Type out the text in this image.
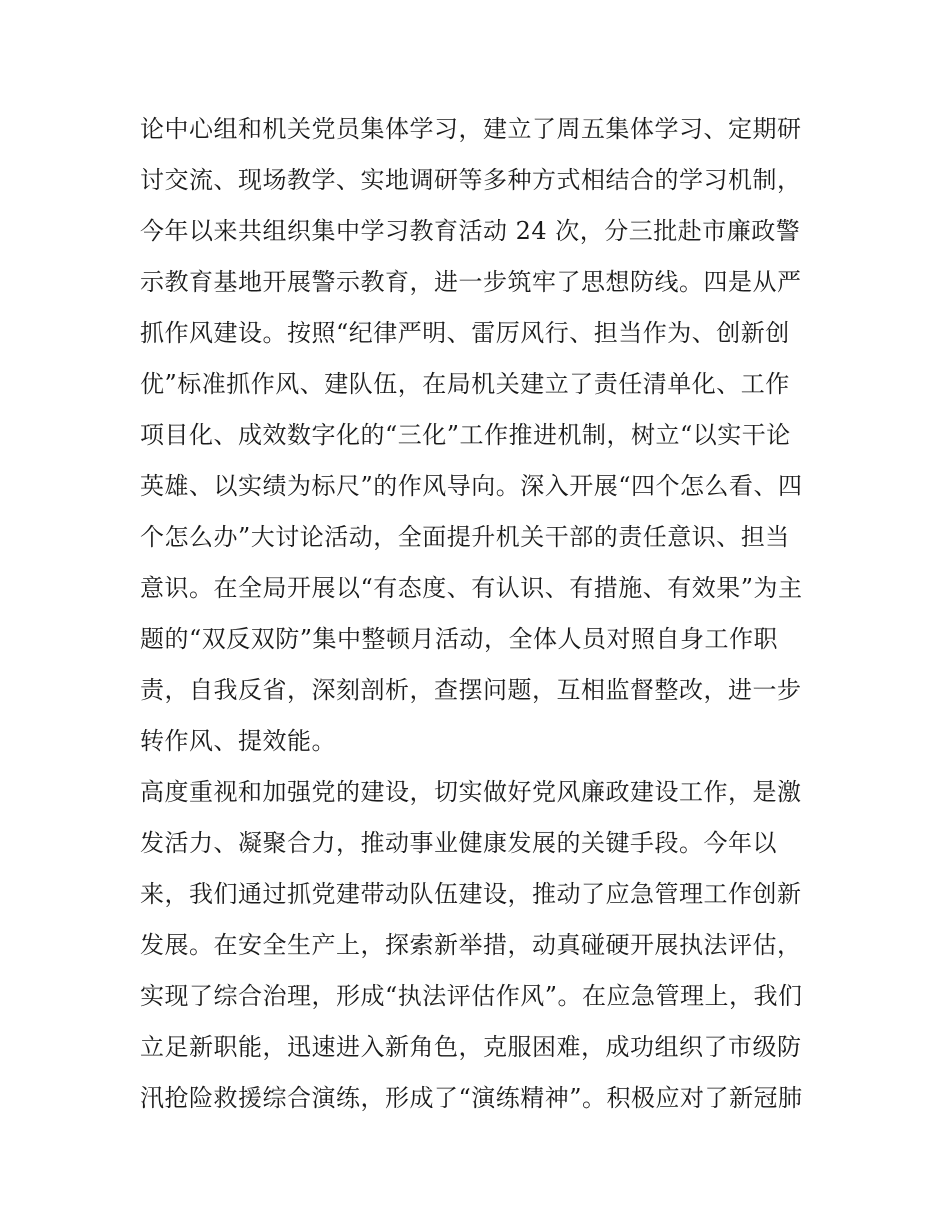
论中心组和机关党员集体学习，建立了周五集体学习、定期研
讨交流、现场教学、实地调研等多种方式相结合的学习机制，
今年以来共组织集中学习教育活动 24 次，分三批赴市廉政警
示教育基地开展警示教育，进一步筑牢了思想防线。四是从严
抓作风建设。按照“纪律严明、雷厉风行、担当作为、创新创
优”标准抓作风、建队伍，在局机关建立了责任清单化、工作
项目化、成效数字化的“三化”工作推进机制，树立“以实干论
英雄、以实绩为标尺”的作风导向。深入开展“四个怎么看、四
个怎么办”大讨论活动，全面提升机关干部的责任意识、担当
意识。在全局开展以“有态度、有认识、有措施、有效果”为主
题的“双反双防”集中整顿月活动，全体人员对照自身工作职
责，自我反省，深刻剖析，查摆问题，互相监督整改，进一步
转作风、提效能。
高度重视和加强党的建设，切实做好党风廉政建设工作，是激
发活力、凝聚合力，推动事业健康发展的关键手段。今年以
来，我们通过抓党建带动队伍建设，推动了应急管理工作创新
发展。在安全生产上，探索新举措，动真碰硬开展执法评估，
实现了综合治理，形成“执法评估作风”。在应急管理上，我们
立足新职能，迅速进入新角色，克服困难，成功组织了市级防
汛抢险救援综合演练，形成了“演练精神”。积极应对了新冠肺
